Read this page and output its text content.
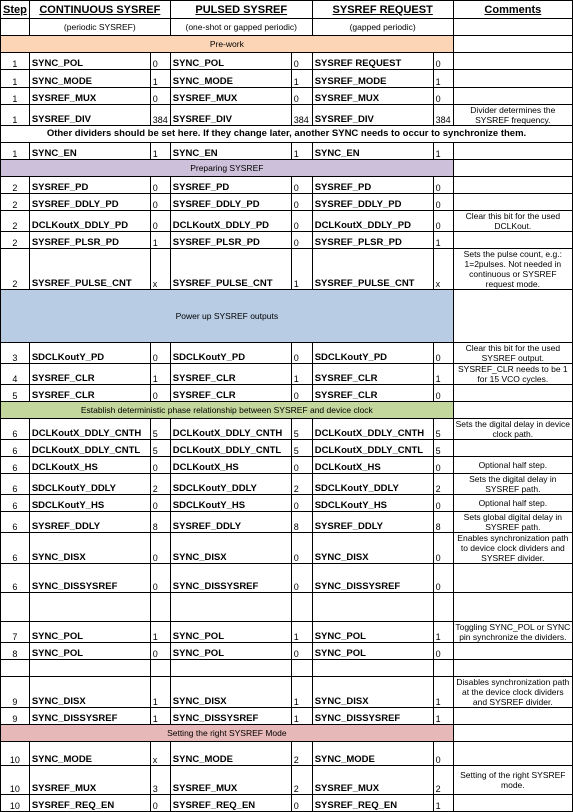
Step	CONTINUOUS SYSREF		PULSED SYSREF		SYSREF REQUEST		Comments
	(periodic SYSREF)		(one-shot or gapped periodic)		(gapped periodic)		
Pre-work							
1	SYNC_POL	0	SYNC_POL	0	SYSREF REQUEST	0	
1	SYNC_MODE	1	SYNC_MODE	1	SYSREF_MODE	1	
1	SYSREF_MUX	0	SYSREF_MUX	0	SYSREF_MUX	0	
1	SYSREF_DIV	384	SYSREF_DIV	384	SYSREF_DIV	384	Divider determines the SYSREF frequency.
Other dividers should be set here. If they change later, another SYNC needs to occur to synchronize them.							
1	SYNC_EN	1	SYNC_EN	1	SYNC_EN	1	
Preparing SYSREF							
2	SYSREF_PD	0	SYSREF_PD	0	SYSREF_PD	0	
2	SYSREF_DDLY_PD	0	SYSREF_DDLY_PD	0	SYSREF_DDLY_PD	0	
2	DCLKoutX_DDLY_PD	0	DCLKoutX_DDLY_PD	0	DCLKoutX_DDLY_PD	0	Clear this bit for the used DCLKout.
2	SYSREF_PLSR_PD	1	SYSREF_PLSR_PD	0	SYSREF_PLSR_PD	1	
2	SYSREF_PULSE_CNT	x	SYSREF_PULSE_CNT	1	SYSREF_PULSE_CNT	x	Sets the pulse count, e.g.: 1=2pulses. Not needed in continuous or SYSREF request mode.
Power up SYSREF outputs							
3	SDCLKoutY_PD	0	SDCLKoutY_PD	0	SDCLKoutY_PD	0	Clear this bit for the used SYSREF output.
4	SYSREF_CLR	1	SYSREF_CLR	1	SYSREF_CLR	1	SYSREF_CLR needs to be 1 for 15 VCO cycles.
5	SYSREF_CLR	0	SYSREF_CLR	0	SYSREF_CLR	0	
Establish deterministic phase relationship between SYSREF and device clock							
6	DCLKoutX_DDLY_CNTH	5	DCLKoutX_DDLY_CNTH	5	DCLKoutX_DDLY_CNTH	5	Sets the digital delay in device clock path.
6	DCLKoutX_DDLY_CNTL	5	DCLKoutX_DDLY_CNTL	5	DCLKoutX_DDLY_CNTL	5	
6	DCLKoutX_HS	0	DCLKoutX_HS	0	DCLKoutX_HS	0	Optional half step.
6	SDCLKoutY_DDLY	2	SDCLKoutY_DDLY	2	SDCLKoutY_DDLY	2	Sets the digital delay in SYSREF path.
6	SDCLKoutY_HS	0	SDCLKoutY_HS	0	SDCLKoutY_HS	0	Optional half step.
6	SYSREF_DDLY	8	SYSREF_DDLY	8	SYSREF_DDLY	8	Sets global digital delay in SYSREF path.
6	SYNC_DISX	0	SYNC_DISX	0	SYNC_DISX	0	Enables synchronization path to device clock dividers and SYSREF divider.
6	SYNC_DISSYSREF	0	SYNC_DISSYSREF	0	SYNC_DISSYSREF	0	

7	SYNC_POL	1	SYNC_POL	1	SYNC_POL	1	Toggling SYNC_POL or SYNC pin synchronize the dividers.
8	SYNC_POL	0	SYNC_POL	0	SYNC_POL	0	

9	SYNC_DISX	1	SYNC_DISX	1	SYNC_DISX	1	Disables synchronization path at the device clock dividers and SYSREF divider.
9	SYNC_DISSYSREF	1	SYNC_DISSYSREF	1	SYNC_DISSYSREF	1	
Setting the right SYSREF Mode							
10	SYNC_MODE	x	SYNC_MODE	2	SYNC_MODE	0	
10	SYSREF_MUX	3	SYSREF_MUX	2	SYSREF_MUX	2	Setting of the right SYSREF mode.
10	SYSREF_REQ_EN	0	SYSREF_REQ_EN	0	SYSREF_REQ_EN	1	
